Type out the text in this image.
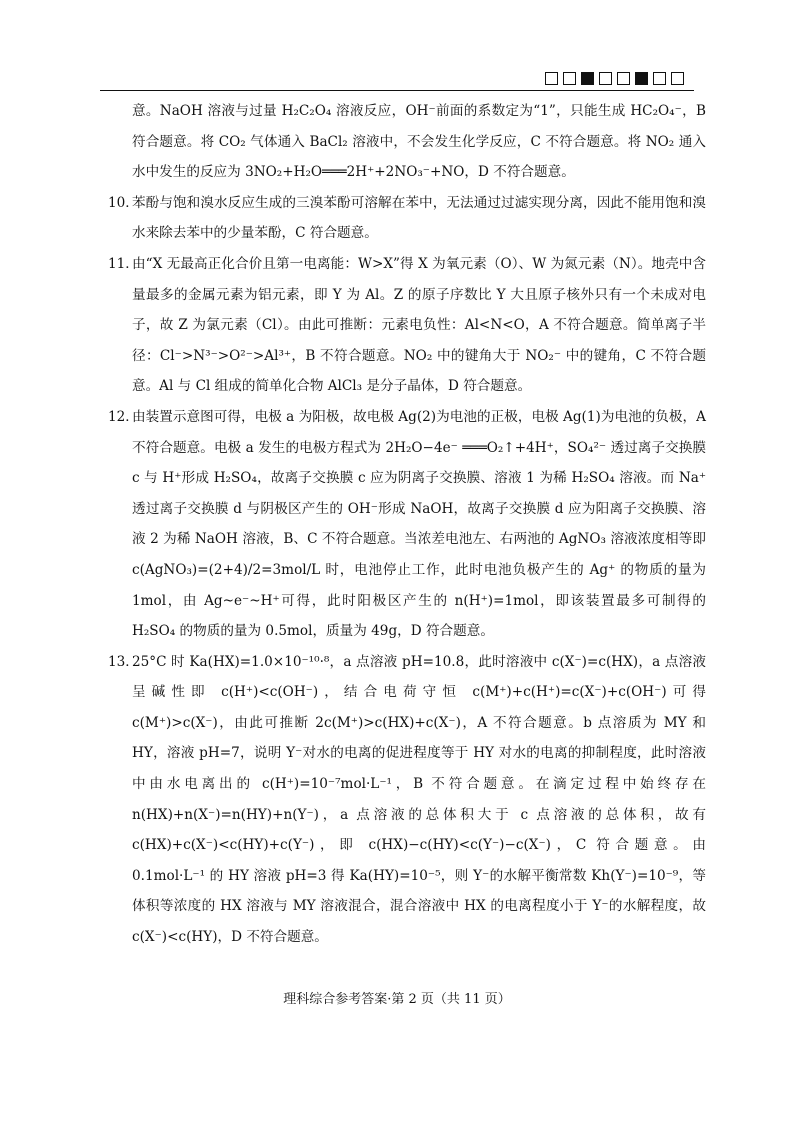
意。NaOH 溶液与过量 H₂C₂O₄ 溶液反应，OH⁻前面的系数定为“1”，只能生成 HC₂O₄⁻，B 符合题意。将 CO₂ 气体通入 BaCl₂ 溶液中，不会发生化学反应，C 不符合题意。将 NO₂ 通入水中发生的反应为 3NO₂+H₂O═══2H⁺+2NO₃⁻+NO，D 不符合题意。
10．
苯酚与饱和溴水反应生成的三溴苯酚可溶解在苯中，无法通过过滤实现分离，因此不能用饱和溴水来除去苯中的少量苯酚，C 符合题意。
11．
由“X 无最高正化合价且第一电离能：W>X”得 X 为氧元素（O）、W 为氮元素（N）。地壳中含量最多的金属元素为铝元素，即 Y 为 Al。Z 的原子序数比 Y 大且原子核外只有一个未成对电子，故 Z 为氯元素（Cl）。由此可推断：元素电负性：Al<N<O，A 不符合题意。简单离子半径：Cl⁻>N³⁻>O²⁻>Al³⁺，B 不符合题意。NO₂ 中的键角大于 NO₂⁻ 中的键角，C 不符合题意。Al 与 Cl 组成的简单化合物 AlCl₃ 是分子晶体，D 符合题意。
12．
由装置示意图可得，电极 a 为阳极，故电极 Ag(2)为电池的正极，电极 Ag(1)为电池的负极，A 不符合题意。电极 a 发生的电极方程式为 2H₂O−4e⁻ ═══O₂↑+4H⁺，SO₄²⁻ 透过离子交换膜 c 与 H⁺形成 H₂SO₄，故离子交换膜 c 应为阴离子交换膜、溶液 1 为稀 H₂SO₄ 溶液。而 Na⁺透过离子交换膜 d 与阴极区产生的 OH⁻形成 NaOH，故离子交换膜 d 应为阳离子交换膜、溶液 2 为稀 NaOH 溶液，B、C 不符合题意。当浓差电池左、右两池的 AgNO₃ 溶液浓度相等即 c(AgNO₃)=(2+4)/2=3mol/L 时，电池停止工作，此时电池负极产生的 Ag⁺ 的物质的量为 1mol，由 Ag~e⁻~H⁺可得，此时阳极区产生的 n(H⁺)=1mol，即该装置最多可制得的 H₂SO₄ 的物质的量为 0.5mol，质量为 49g，D 符合题意。
13．
25°C 时 Ka(HX)=1.0×10⁻¹⁰·⁸，a 点溶液 pH=10.8，此时溶液中 c(X⁻)=c(HX)，a 点溶液呈碱性即 c(H⁺)<c(OH⁻)，结合电荷守恒 c(M⁺)+c(H⁺)=c(X⁻)+c(OH⁻)可得 c(M⁺)>c(X⁻)，由此可推断 2c(M⁺)>c(HX)+c(X⁻)，A 不符合题意。b 点溶质为 MY 和 HY，溶液 pH=7，说明 Y⁻对水的电离的促进程度等于 HY 对水的电离的抑制程度，此时溶液中由水电离出的 c(H⁺)=10⁻⁷mol·L⁻¹，B 不符合题意。在滴定过程中始终存在 n(HX)+n(X⁻)=n(HY)+n(Y⁻)，a 点溶液的总体积大于 c 点溶液的总体积，故有 c(HX)+c(X⁻)<c(HY)+c(Y⁻)，即 c(HX)−c(HY)<c(Y⁻)−c(X⁻)，C 符合题意。由 0.1mol·L⁻¹ 的 HY 溶液 pH=3 得 Ka(HY)=10⁻⁵，则 Y⁻的水解平衡常数 Kh(Y⁻)=10⁻⁹，等体积等浓度的 HX 溶液与 MY 溶液混合，混合溶液中 HX 的电离程度小于 Y⁻的水解程度，故 c(X⁻)<c(HY)，D 不符合题意。
理科综合参考答案·第 2 页（共 11 页）
